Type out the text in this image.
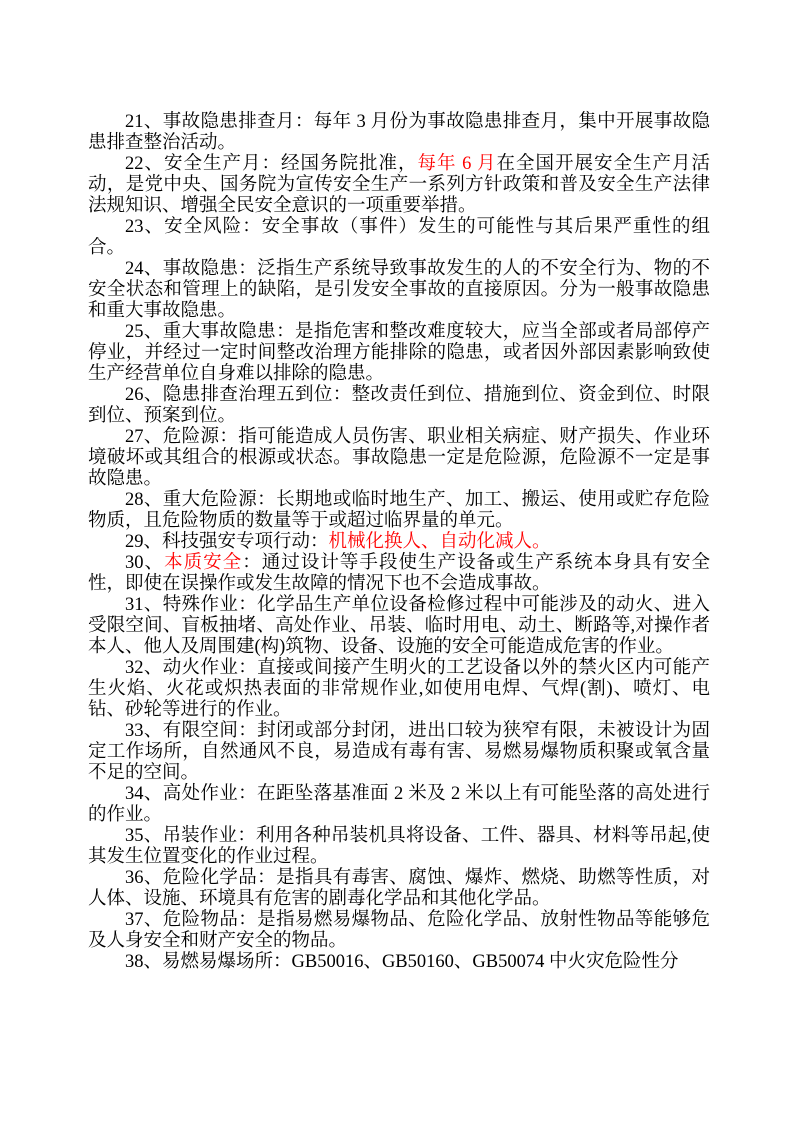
21、事故隐患排查月：每年 3 月份为事故隐患排查月，集中开展事故隐患排查整治活动。

22、安全生产月：经国务院批准，每年 6 月在全国开展安全生产月活动，是党中央、国务院为宣传安全生产一系列方针政策和普及安全生产法律法规知识、增强全民安全意识的一项重要举措。

23、安全风险：安全事故（事件）发生的可能性与其后果严重性的组合。

24、事故隐患：泛指生产系统导致事故发生的人的不安全行为、物的不安全状态和管理上的缺陷，是引发安全事故的直接原因。分为一般事故隐患和重大事故隐患。

25、重大事故隐患：是指危害和整改难度较大，应当全部或者局部停产停业，并经过一定时间整改治理方能排除的隐患，或者因外部因素影响致使生产经营单位自身难以排除的隐患。

26、隐患排查治理五到位：整改责任到位、措施到位、资金到位、时限到位、预案到位。

27、危险源：指可能造成人员伤害、职业相关病症、财产损失、作业环境破坏或其组合的根源或状态。事故隐患一定是危险源，危险源不一定是事故隐患。

28、重大危险源：长期地或临时地生产、加工、搬运、使用或贮存危险物质，且危险物质的数量等于或超过临界量的单元。

29、科技强安专项行动：机械化换人、自动化减人。

30、本质安全：通过设计等手段使生产设备或生产系统本身具有安全性，即使在误操作或发生故障的情况下也不会造成事故。

31、特殊作业：化学品生产单位设备检修过程中可能涉及的动火、进入受限空间、盲板抽堵、高处作业、吊装、临时用电、动土、断路等,对操作者本人、他人及周围建(构)筑物、设备、设施的安全可能造成危害的作业。

32、动火作业：直接或间接产生明火的工艺设备以外的禁火区内可能产生火焰、火花或炽热表面的非常规作业,如使用电焊、气焊(割)、喷灯、电钻、砂轮等进行的作业。

33、有限空间：封闭或部分封闭，进出口较为狭窄有限，未被设计为固定工作场所，自然通风不良，易造成有毒有害、易燃易爆物质积聚或氧含量不足的空间。

34、高处作业：在距坠落基准面 2 米及 2 米以上有可能坠落的高处进行的作业。

35、吊装作业：利用各种吊装机具将设备、工件、器具、材料等吊起,使其发生位置变化的作业过程。

36、危险化学品：是指具有毒害、腐蚀、爆炸、燃烧、助燃等性质，对人体、设施、环境具有危害的剧毒化学品和其他化学品。

37、危险物品：是指易燃易爆物品、危险化学品、放射性物品等能够危及人身安全和财产安全的物品。

38、易燃易爆场所：GB50016、GB50160、GB50074 中火灾危险性分
